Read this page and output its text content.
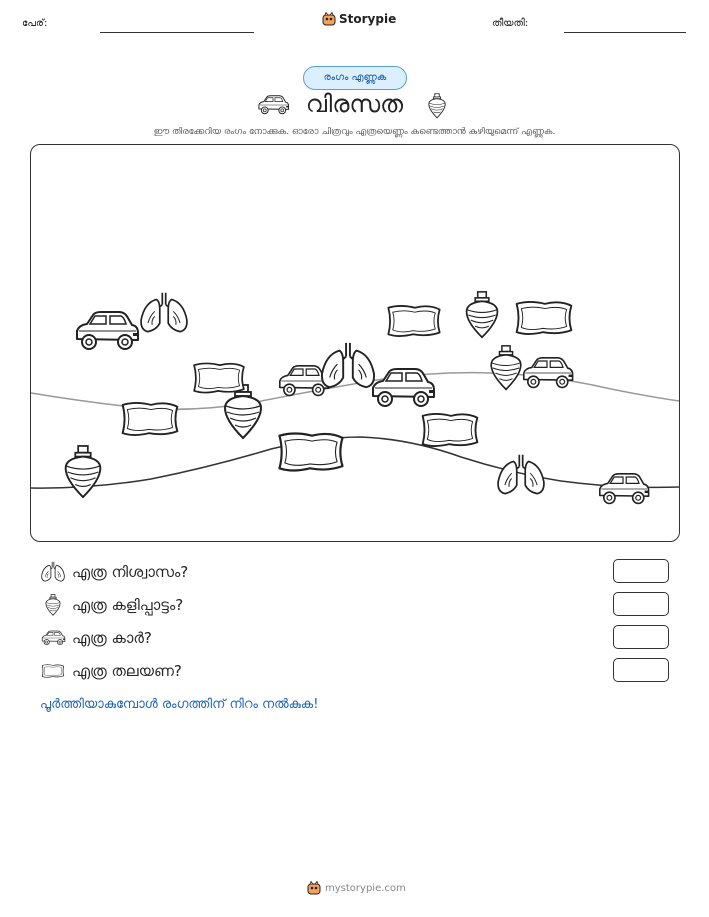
പേര്:	Storypie	തീയതി:
രംഗം എണ്ണുക
വിരസത
ഈ തിരക്കേറിയ രംഗം നോക്കുക. ഓരോ ചിത്രവും എത്രയെണ്ണം കണ്ടെത്താൻ കഴിയുമെന്ന് എണ്ണുക.
എത്ര നിശ്വാസം?
എത്ര കളിപ്പാട്ടം?
എത്ര കാർ?
എത്ര തലയണ?
പൂർത്തിയാകുമ്പോൾ രംഗത്തിന് നിറം നൽകുക!
mystorypie.com
